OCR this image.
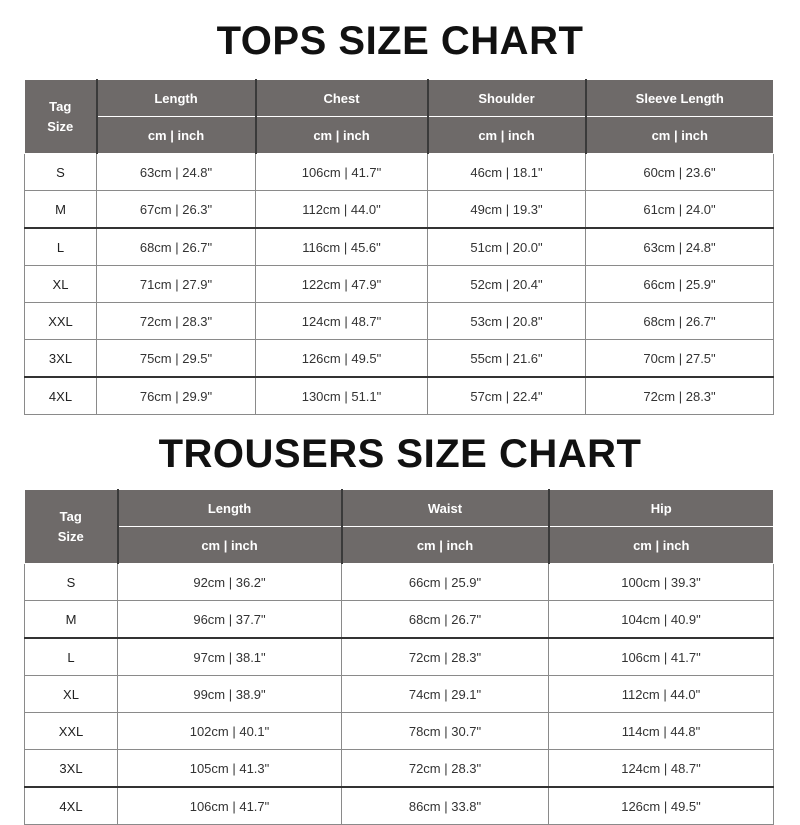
TOPS SIZE CHART
Tag
Size	Length	Chest	Shoulder	Sleeve Length
	cm | inch	cm | inch	cm | inch	cm | inch
S	63cm | 24.8"	106cm | 41.7"	46cm | 18.1"	60cm | 23.6"
M	67cm | 26.3"	112cm | 44.0"	49cm | 19.3"	61cm | 24.0"
L	68cm | 26.7"	116cm | 45.6"	51cm | 20.0"	63cm | 24.8"
XL	71cm | 27.9"	122cm | 47.9"	52cm | 20.4"	66cm | 25.9"
XXL	72cm | 28.3"	124cm | 48.7"	53cm | 20.8"	68cm | 26.7"
3XL	75cm | 29.5"	126cm | 49.5"	55cm | 21.6"	70cm | 27.5"
4XL	76cm | 29.9"	130cm | 51.1"	57cm | 22.4"	72cm | 28.3"
TROUSERS SIZE CHART
Tag
Size	Length	Waist	Hip
	cm | inch	cm | inch	cm | inch
S	92cm | 36.2"	66cm | 25.9"	100cm | 39.3"
M	96cm | 37.7"	68cm | 26.7"	104cm | 40.9"
L	97cm | 38.1"	72cm | 28.3"	106cm | 41.7"
XL	99cm | 38.9"	74cm | 29.1"	112cm | 44.0"
XXL	102cm | 40.1"	78cm | 30.7"	114cm | 44.8"
3XL	105cm | 41.3"	72cm | 28.3"	124cm | 48.7"
4XL	106cm | 41.7"	86cm | 33.8"	126cm | 49.5"
